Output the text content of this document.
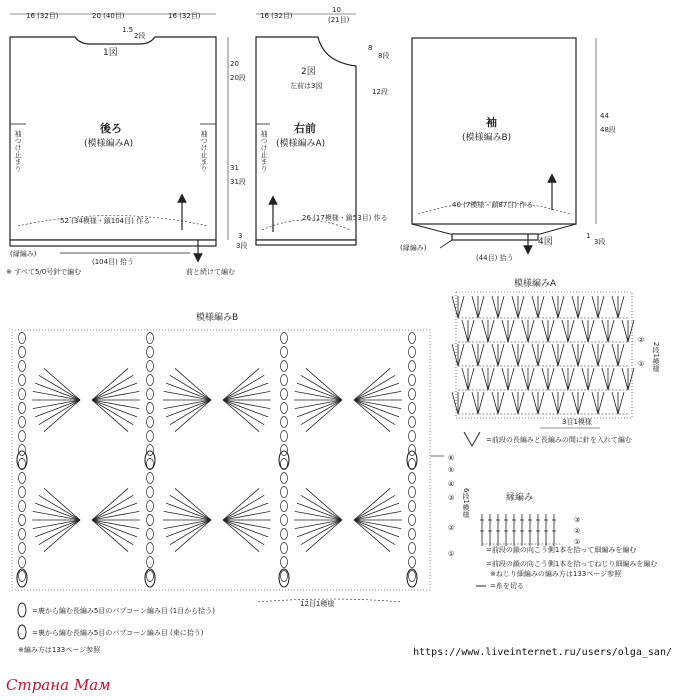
16 (32目)	20 (40目)	16 (32目)
1.5
2段
1図
後ろ
(模様編みA)
袖つけ止まり	袖つけ止まり
20
20段
31
31段
52 (34模様・鎖104目) 作る
(縁編み)
(104目) 拾う
3
3段
※ すべて5/0号針で編む	前と続けて編む
16 (32目)
10
(21目)
8
8段
12段
2図
左前は3図
右前
(模様編みA)
袖つけ止まり
26 (17模様・鎖53目) 作る
袖
(模様編みB)
44
48段
40 (7模様・鎖87目) 作る
(縁編み)
4図
(44目) 拾う
1
3段
模様編みA
②
① 2段1模様
3目1模様
=前段の長編みと長編みの間に針を入れて編む
模様編みB
⑥
⑤
④
③
②
①
6段1模様
12目1模様
=裏から編む長編み5目のパプコーン編み目 (1目から拾う)
=裏から編む長編み5目のパプコーン編み目 (束に拾う)
※編み方は133ページ参照
縁編み
③
②
①
=前段の鎖の向こう側1本を拾って細編みを編む
=前段の鎖の向こう側1本を拾ってねじり細編みを編む
※ねじり細編みの編み方は133ページ参照
=糸を切る
https://www.liveinternet.ru/users/olga_san/
Страна Мам
